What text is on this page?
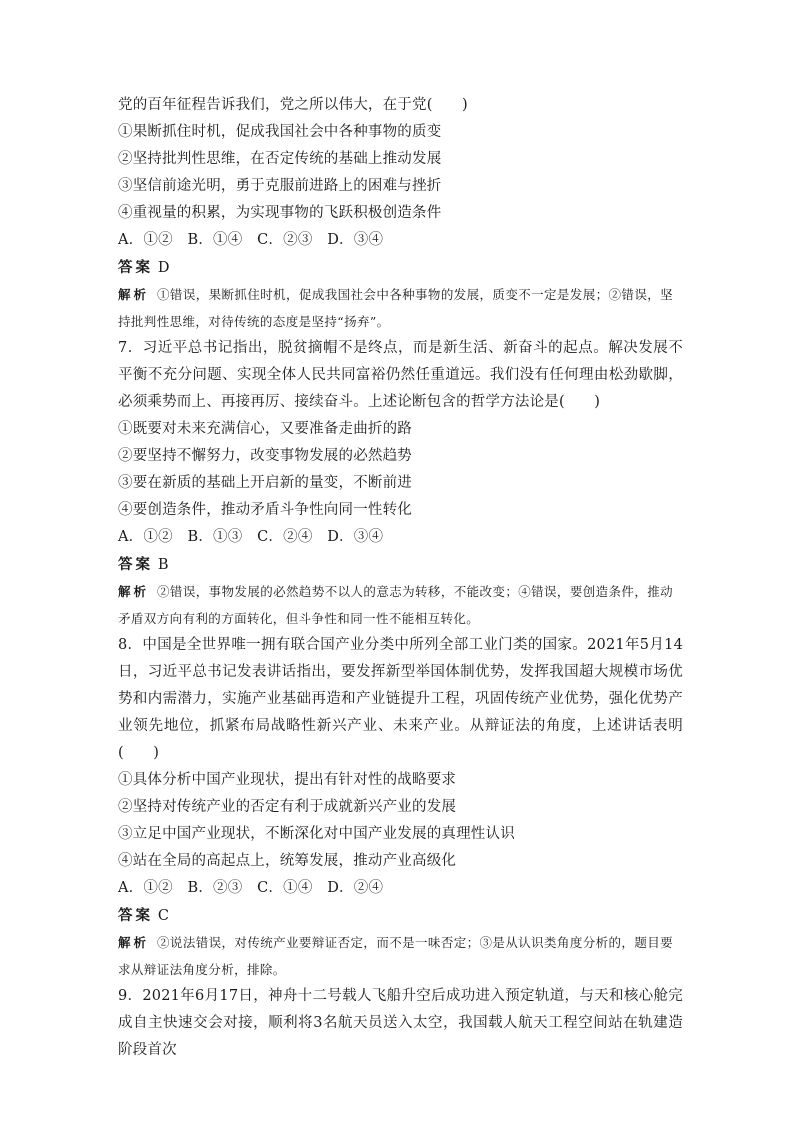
党的百年征程告诉我们，党之所以伟大，在于党(　　)
①果断抓住时机，促成我国社会中各种事物的质变
②坚持批判性思维，在否定传统的基础上推动发展
③坚信前途光明，勇于克服前进路上的困难与挫折
④重视量的积累，为实现事物的飞跃积极创造条件
A．①②　B．①④　C．②③　D．③④
答案 D
解析 ①错误，果断抓住时机，促成我国社会中各种事物的发展，质变不一定是发展；②错误，坚持批判性思维，对待传统的态度是坚持“扬弃”。
7．习近平总书记指出，脱贫摘帽不是终点，而是新生活、新奋斗的起点。解决发展不平衡不充分问题、实现全体人民共同富裕仍然任重道远。我们没有任何理由松劲歇脚，必须乘势而上、再接再厉、接续奋斗。上述论断包含的哲学方法论是(　　)
①既要对未来充满信心，又要准备走曲折的路
②要坚持不懈努力，改变事物发展的必然趋势
③要在新质的基础上开启新的量变，不断前进
④要创造条件，推动矛盾斗争性向同一性转化
A．①②　B．①③　C．②④　D．③④
答案 B
解析 ②错误，事物发展的必然趋势不以人的意志为转移，不能改变；④错误，要创造条件，推动矛盾双方向有利的方面转化，但斗争性和同一性不能相互转化。
8．中国是全世界唯一拥有联合国产业分类中所列全部工业门类的国家。2021年5月14日，习近平总书记发表讲话指出，要发挥新型举国体制优势，发挥我国超大规模市场优势和内需潜力，实施产业基础再造和产业链提升工程，巩固传统产业优势，强化优势产业领先地位，抓紧布局战略性新兴产业、未来产业。从辩证法的角度，上述讲话表明(　　)
①具体分析中国产业现状，提出有针对性的战略要求
②坚持对传统产业的否定有利于成就新兴产业的发展
③立足中国产业现状，不断深化对中国产业发展的真理性认识
④站在全局的高起点上，统筹发展，推动产业高级化
A．①②　B．②③　C．①④　D．②④
答案 C
解析 ②说法错误，对传统产业要辩证否定，而不是一味否定；③是从认识类角度分析的，题目要求从辩证法角度分析，排除。
9．2021年6月17日，神舟十二号载人飞船升空后成功进入预定轨道，与天和核心舱完成自主快速交会对接，顺利将3名航天员送入太空，我国载人航天工程空间站在轨建造阶段首次
